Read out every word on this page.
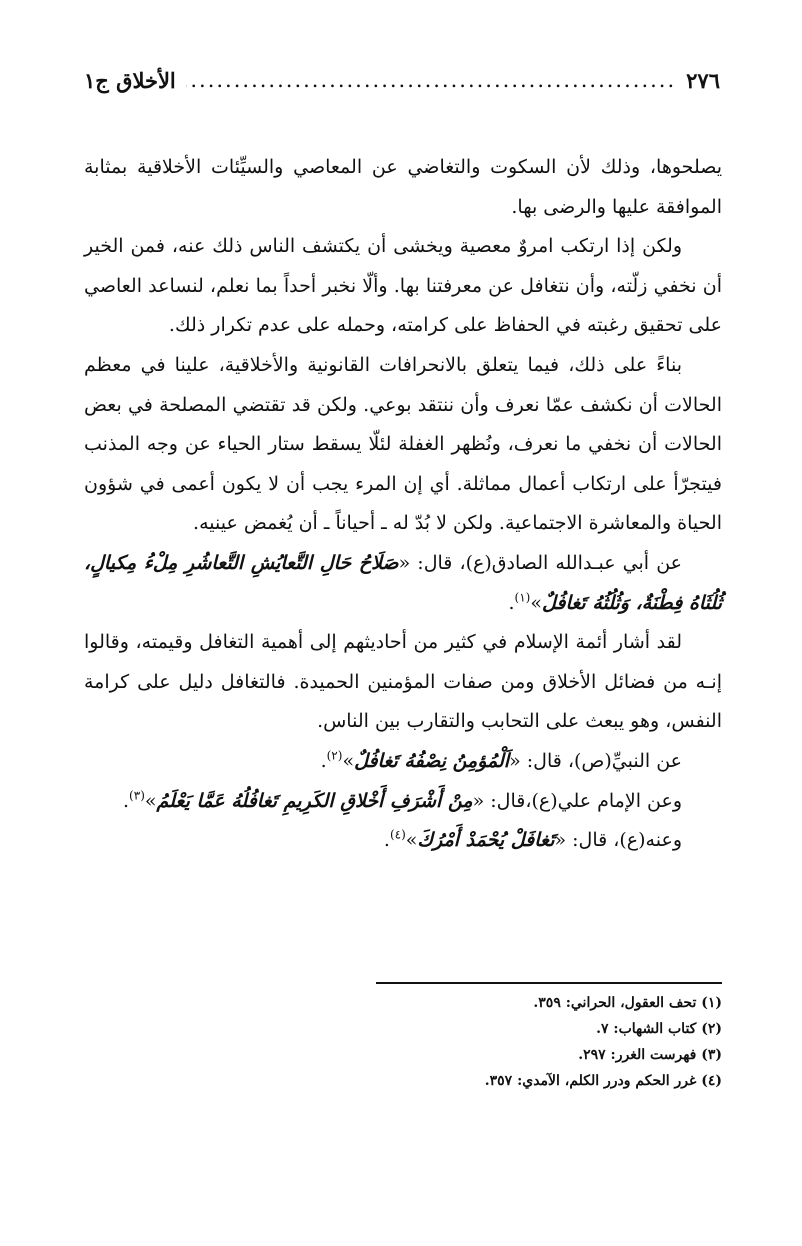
٢٧٦
.....
الأخلاق ج١

يصلحوها، وذلك لأن السكوت والتغاضي عن المعاصي والسيِّئات الأخلاقية بمثابة الموافقة عليها والرضى بها.

ولكن إذا ارتكب امروٌ معصية ويخشى أن يكتشف الناس ذلك عنه، فمن الخير أن نخفي زلّته، وأن نتغافل عن معرفتنا بها. وألّا نخبر أحداً بما نعلم، لنساعد العاصي على تحقيق رغبته في الحفاظ على كرامته، وحمله على عدم تكرار ذلك.

بناءً على ذلك، فيما يتعلق بالانحرافات القانونية والأخلاقية، علينا في معظم الحالات أن نكشف عمّا نعرف وأن ننتقد بوعي. ولكن قد تقتضي المصلحة في بعض الحالات أن نخفي ما نعرف، ونُظهر الغفلة لئلّا يسقط ستار الحياء عن وجه المذنب فيتجرّأ على ارتكاب أعمال مماثلة. أي إن المرء يجب أن لا يكون أعمى في شؤون الحياة والمعاشرة الاجتماعية. ولكن لا بُدّ له ـ أحياناً ـ أن يُغمض عينيه.

عن أبي عبـدالله الصادق(ع)، قال: «صَلَاحُ حَالِ التَّعايُشِ التَّعاشُرِ مِلْءُ مِكيالٍ، ثُلُثَاهُ فِطْنَةٌ، وَثُلُثُهُ تَغافُلٌ»$^{(١)}$.

لقد أشار أئمة الإسلام في كثير من أحاديثهم إلى أهمية التغافل وقيمته، وقالوا إنـه من فضائل الأخلاق ومن صفات المؤمنين الحميدة. فالتغافل دليل على كرامة النفس، وهو يبعث على التحابب والتقارب بين الناس.

عن النبيِّ(ص)، قال: «اَلْمُؤمِنُ نِصْفُهُ تَغافُلٌ»$^{(٢)}$.

وعن الإمام علي(ع)،قال: «مِنْ أَشْرَفِ أَخْلاقِ الكَرِيمِ تَغافُلُهُ عَمَّا يَعْلَمُ»$^{(٣)}$.

وعنه(ع)، قال: «تَغافَلْ يُحْمَدْ أَمْرُكَ»$^{(٤)}$.

(١) تحف العقول، الحراني: ٣٥٩.

(٢) كتاب الشهاب: ٧.

(٣) فهرست الغرر: ٢٩٧.

(٤) غرر الحكم ودرر الكلم، الآمدي: ٣٥٧.
